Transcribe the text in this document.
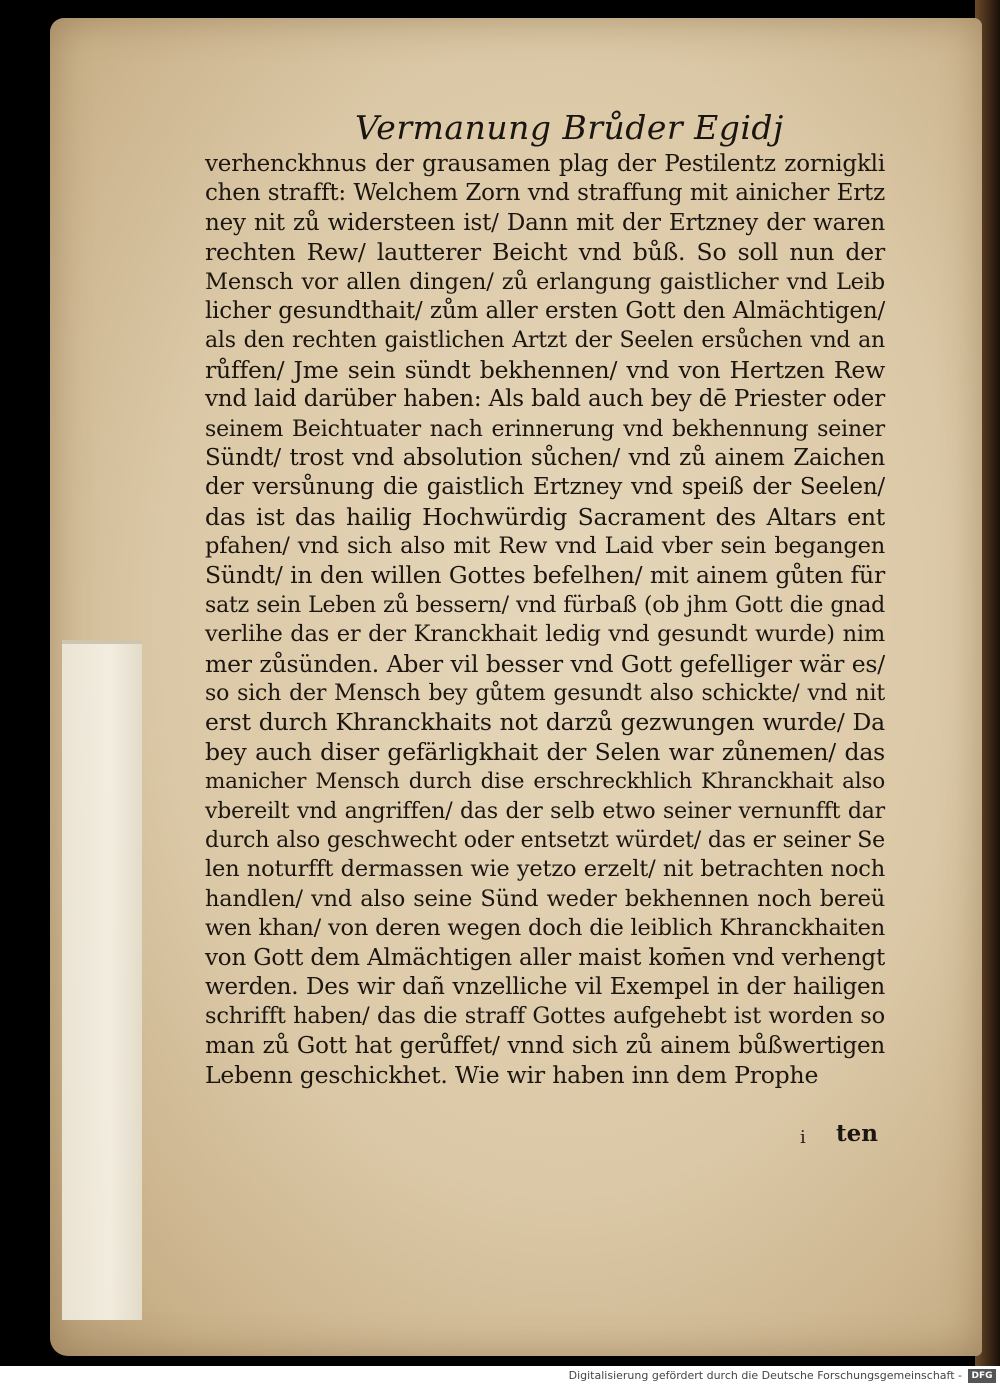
Vermanung Brůder Egidj
verhenckhnus der grausamen plag der Pestilentz zornigkli
chen strafft: Welchem Zorn vnd straffung mit ainicher Ertz
ney nit zů widersteen ist/ Dann mit der Ertzney der waren
rechten Rew/ lautterer Beicht vnd bůß. So soll nun der
Mensch vor allen dingen/ zů erlangung gaistlicher vnd Leib
licher gesundthait/ zům aller ersten Gott den Almächtigen/
als den rechten gaistlichen Artzt der Seelen ersůchen vnd an
růffen/ Jme sein sündt bekhennen/ vnd von Hertzen Rew
vnd laid darüber haben: Als bald auch bey dē Priester oder
seinem Beichtuater nach erinnerung vnd bekhennung seiner
Sündt/ trost vnd absolution sůchen/ vnd zů ainem Zaichen
der versůnung die gaistlich Ertzney vnd speiß der Seelen/
das ist das hailig Hochwürdig Sacrament des Altars ent
pfahen/ vnd sich also mit Rew vnd Laid vber sein begangen
Sündt/ in den willen Gottes befelhen/ mit ainem gůten für
satz sein Leben zů bessern/ vnd fürbaß (ob jhm Gott die gnad
verlihe das er der Kranckhait ledig vnd gesundt wurde) nim
mer zůsünden. Aber vil besser vnd Gott gefelliger wär es/
so sich der Mensch bey gůtem gesundt also schickte/ vnd nit
erst durch Khranckhaits not darzů gezwungen wurde/ Da
bey auch diser gefärligkhait der Selen war zůnemen/ das
manicher Mensch durch dise erschreckhlich Khranckhait also
vbereilt vnd angriffen/ das der selb etwo seiner vernunfft dar
durch also geschwecht oder entsetzt würdet/ das er seiner Se
len noturfft dermassen wie yetzo erzelt/ nit betrachten noch
handlen/ vnd also seine Sünd weder bekhennen noch bereü
wen khan/ von deren wegen doch die leiblich Khranckhaiten
von Gott dem Almächtigen aller maist kom̄en vnd verhengt
werden. Des wir dañ vnzelliche vil Exempel in der hailigen
schrifft haben/ das die straff Gottes aufgehebt ist worden so
man zů Gott hat gerůffet/ vnnd sich zů ainem bůßwertigen
Lebenn geschickhet. Wie wir haben inn dem Prophe
i ten
Digitalisierung gefördert durch die Deutsche Forschungsgemeinschaft -	DFG
